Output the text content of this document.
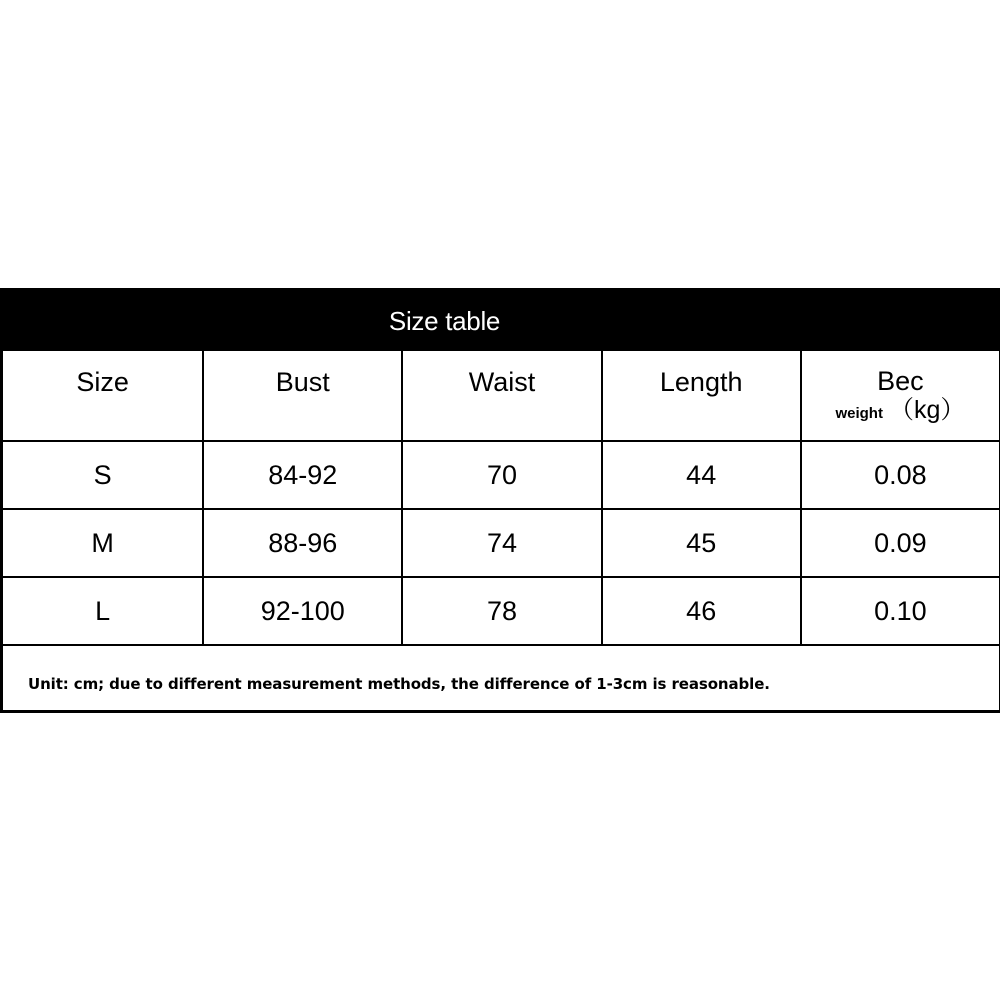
Size table
Size	Bust	Waist	Length	Bec
weight （kg）
S	84-92	70	44	0.08
M	88-96	74	45	0.09
L	92-100	78	46	0.10
Unit: cm; due to different measurement methods, the difference of 1-3cm is reasonable.
